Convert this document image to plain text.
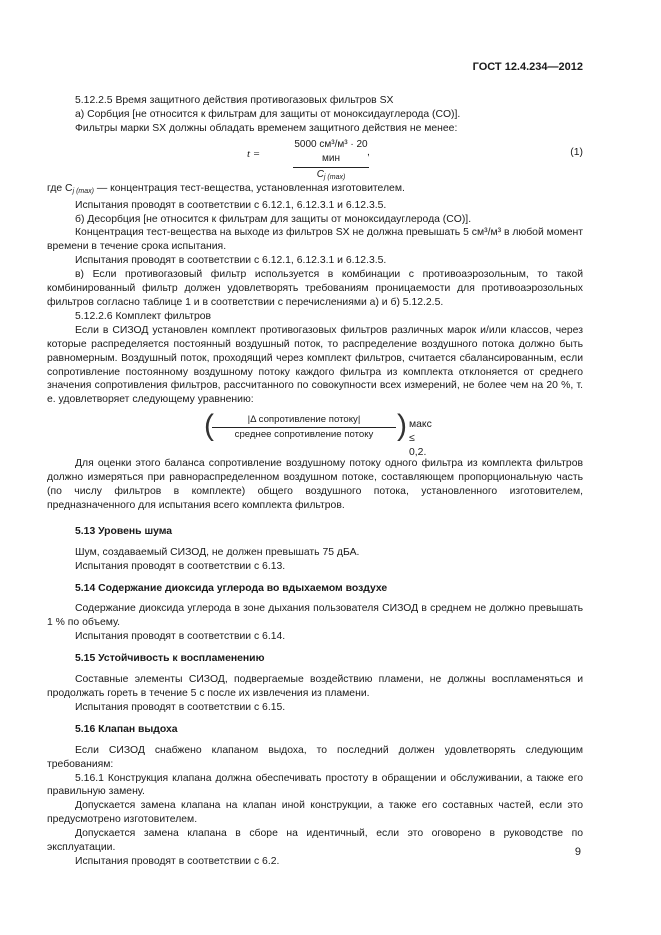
ГОСТ 12.4.234—2012

5.12.2.5 Время защитного действия противогазовых фильтров SX

а) Сорбция [не относится к фильтрам для защиты от моноксидауглерода (CO)].

Фильтры марки SX должны обладать временем защитного действия не менее:

t =
5000 см³/м³ · 20 мин
$C_{j (max)}$
,	(1)

где $C_{j (max)}$ — концентрация тест-вещества, установленная изготовителем.

Испытания проводят в соответствии с 6.12.1, 6.12.3.1 и 6.12.3.5.

б) Десорбция [не относится к фильтрам для защиты от моноксидауглерода (CO)].

Концентрация тест-вещества на выходе из фильтров SX не должна превышать 5 см³/м³ в любой момент времени в течение срока испытания.

Испытания проводят в соответствии с 6.12.1, 6.12.3.1 и 6.12.3.5.

в) Если противогазовый фильтр используется в комбинации с противоаэрозольным, то такой комбинированный фильтр должен удовлетворять требованиям проницаемости для противоаэрозольных фильтров согласно таблице 1 и в соответствии с перечислениями а) и б) 5.12.2.5.

5.12.2.6 Комплект фильтров

Если в СИЗОД установлен комплект противогазовых фильтров различных марок и/или классов, через которые распределяется постоянный воздушный поток, то распределение воздушного потока должно быть равномерным. Воздушный поток, проходящий через комплект фильтров, считается сбалансированным, если сопротивление постоянному воздушному потоку каждого фильтра из комплекта отклоняется от среднего значения сопротивления фильтров, рассчитанного по совокупности всех измерений, не более чем на 20 %, т. е. удовлетворяет следующему уравнению:

(	|Δ сопротивление потоку|
среднее сопротивление потоку ) макс ≤ 0,2.

Для оценки этого баланса сопротивление воздушному потоку одного фильтра из комплекта фильтров должно измеряться при равнораспределенном воздушном потоке, составляющем пропорциональную часть (по числу фильтров в комплекте) общего воздушного потока, установленного изготовителем, предназначенного для испытания всего комплекта фильтров.

5.13 Уровень шума

Шум, создаваемый СИЗОД, не должен превышать 75 дБА.

Испытания проводят в соответствии с 6.13.

5.14 Содержание диоксида углерода во вдыхаемом воздухе

Содержание диоксида углерода в зоне дыхания пользователя СИЗОД в среднем не должно превышать 1 % по объему.

Испытания проводят в соответствии с 6.14.

5.15 Устойчивость к воспламенению

Составные элементы СИЗОД, подвергаемые воздействию пламени, не должны воспламеняться и продолжать гореть в течение 5 с после их извлечения из пламени.

Испытания проводят в соответствии с 6.15.

5.16 Клапан выдоха

Если СИЗОД снабжено клапаном выдоха, то последний должен удовлетворять следующим требованиям:

5.16.1 Конструкция клапана должна обеспечивать простоту в обращении и обслуживании, а также его правильную замену.

Допускается замена клапана на клапан иной конструкции, а также его составных частей, если это предусмотрено изготовителем.

Допускается замена клапана в сборе на идентичный, если это оговорено в руководстве по эксплуатации.

Испытания проводят в соответствии с 6.2.

9
